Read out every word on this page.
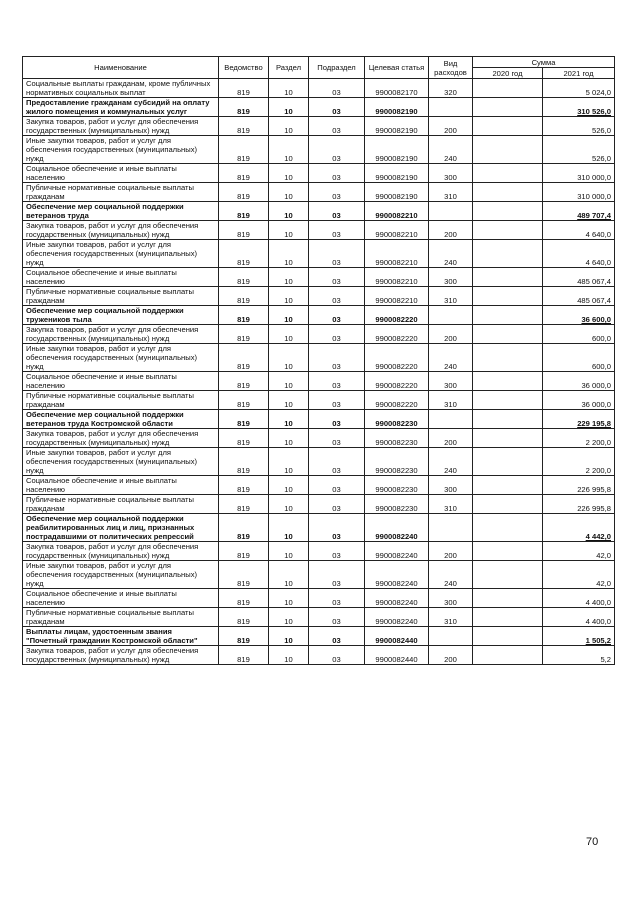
Наименование	Ведомство	Раздел	Подраздел	Целевая статья	Вид расходов	Сумма	
						2020 год	2021 год
Социальные выплаты гражданам, кроме публичных нормативных социальных выплат	819	10	03	9900082170	320		5 024,0
Предоставление гражданам субсидий на оплату жилого помещения и коммунальных услуг	819	10	03	9900082190			310 526,0
Закупка товаров, работ и услуг для обеспечения государственных (муниципальных) нужд	819	10	03	9900082190	200		526,0
Иные закупки товаров, работ и услуг для обеспечения государственных (муниципальных) нужд	819	10	03	9900082190	240		526,0
Социальное обеспечение и иные выплаты населению	819	10	03	9900082190	300		310 000,0
Публичные нормативные социальные выплаты гражданам	819	10	03	9900082190	310		310 000,0
Обеспечение мер социальной поддержки ветеранов труда	819	10	03	9900082210			489 707,4
Закупка товаров, работ и услуг для обеспечения государственных (муниципальных) нужд	819	10	03	9900082210	200		4 640,0
Иные закупки товаров, работ и услуг для обеспечения государственных (муниципальных) нужд	819	10	03	9900082210	240		4 640,0
Социальное обеспечение и иные выплаты населению	819	10	03	9900082210	300		485 067,4
Публичные нормативные социальные выплаты гражданам	819	10	03	9900082210	310		485 067,4
Обеспечение мер социальной поддержки тружеников тыла	819	10	03	9900082220			36 600,0
Закупка товаров, работ и услуг для обеспечения государственных (муниципальных) нужд	819	10	03	9900082220	200		600,0
Иные закупки товаров, работ и услуг для обеспечения государственных (муниципальных) нужд	819	10	03	9900082220	240		600,0
Социальное обеспечение и иные выплаты населению	819	10	03	9900082220	300		36 000,0
Публичные нормативные социальные выплаты гражданам	819	10	03	9900082220	310		36 000,0
Обеспечение мер социальной поддержки ветеранов труда Костромской области	819	10	03	9900082230			229 195,8
Закупка товаров, работ и услуг для обеспечения государственных (муниципальных) нужд	819	10	03	9900082230	200		2 200,0
Иные закупки товаров, работ и услуг для обеспечения государственных (муниципальных) нужд	819	10	03	9900082230	240		2 200,0
Социальное обеспечение и иные выплаты населению	819	10	03	9900082230	300		226 995,8
Публичные нормативные социальные выплаты гражданам	819	10	03	9900082230	310		226 995,8
Обеспечение мер социальной поддержки реабилитированных лиц и лиц, признанных пострадавшими от политических репрессий	819	10	03	9900082240			4 442,0
Закупка товаров, работ и услуг для обеспечения государственных (муниципальных) нужд	819	10	03	9900082240	200		42,0
Иные закупки товаров, работ и услуг для обеспечения государственных (муниципальных) нужд	819	10	03	9900082240	240		42,0
Социальное обеспечение и иные выплаты населению	819	10	03	9900082240	300		4 400,0
Публичные нормативные социальные выплаты гражданам	819	10	03	9900082240	310		4 400,0
Выплаты лицам, удостоенным звания "Почетный гражданин Костромской области"	819	10	03	9900082440			1 505,2
Закупка товаров, работ и услуг для обеспечения государственных (муниципальных) нужд	819	10	03	9900082440	200		5,2
70
